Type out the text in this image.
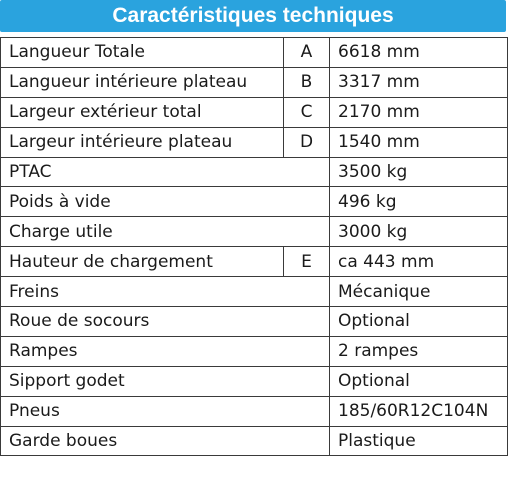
Caractéristiques techniques
Langueur Totale	A	6618 mm
Langueur intérieure plateau	B	3317 mm
Largeur extérieur total	C	2170 mm
Largeur intérieure plateau	D	1540 mm
PTAC		3500 kg
Poids à vide		496 kg
Charge utile		3000 kg
Hauteur de chargement	E	ca 443 mm
Freins		Mécanique
Roue de socours		Optional
Rampes		2 rampes
Sipport godet		Optional
Pneus		185/60R12C104N
Garde boues		Plastique
